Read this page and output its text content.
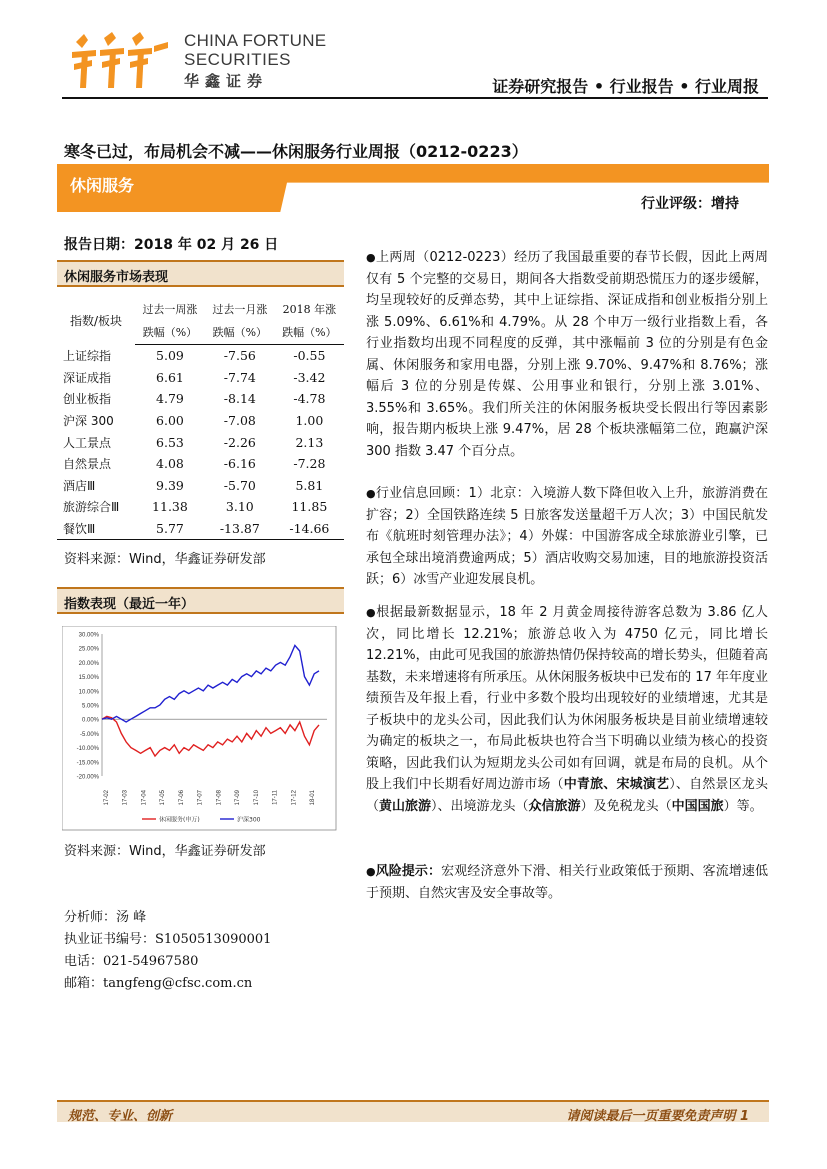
CHINA FORTUNE
SECURITIES
华鑫证券	证券研究报告 • 行业报告 • 行业周报
寒冬已过，布局机会不减——休闲服务行业周报（0212-0223）
休闲服务
行业评级：增持
报告日期：2018 年 02 月 26 日
休闲服务市场表现
指数/板块	过去一周涨	过去一月涨	2018 年涨
	跌幅（%）	跌幅（%）	跌幅（%）
上证综指	5.09	-7.56	-0.55
深证成指	6.61	-7.74	-3.42
创业板指	4.79	-8.14	-4.78
沪深 300	6.00	-7.08	1.00
人工景点	6.53	-2.26	2.13
自然景点	4.08	-6.16	-7.28
酒店Ⅲ	9.39	-5.70	5.81
旅游综合Ⅲ	11.38	3.10	11.85
餐饮Ⅲ	5.77	-13.87	-14.66
资料来源：Wind，华鑫证券研发部
指数表现（最近一年）
30.00%
25.00%
20.00%
15.00%
10.00%
5.00%
0.00%
-5.00%
-10.00%
-15.00%
-20.00%
17-02 17-03 17-04 17-05 17-06 17-07 17-08 17-09 17-10 17-11 17-12 18-01
休闲服务(申万)	沪深300
资料来源：Wind，华鑫证券研发部
分析师：汤 峰
执业证书编号：S1050513090001
电话：021-54967580
邮箱：tangfeng@cfsc.com.cn

●上两周（0212-0223）经历了我国最重要的春节长假，因此上两周仅有 5 个完整的交易日，期间各大指数受前期恐慌压力的逐步缓解，均呈现较好的反弹态势，其中上证综指、深证成指和创业板指分别上涨 5.09%、6.61%和 4.79%。从 28 个申万一级行业指数上看，各行业指数均出现不同程度的反弹，其中涨幅前 3 位的分别是有色金属、休闲服务和家用电器，分别上涨 9.70%、9.47%和 8.76%；涨幅后 3 位的分别是传媒、公用事业和银行，分别上涨 3.01%、3.55%和 3.65%。我们所关注的休闲服务板块受长假出行等因素影响，报告期内板块上涨 9.47%，居 28 个板块涨幅第二位，跑赢沪深 300 指数 3.47 个百分点。

●行业信息回顾：1）北京：入境游人数下降但收入上升，旅游消费在扩容；2）全国铁路连续 5 日旅客发送量超千万人次；3）中国民航发布《航班时刻管理办法》；4）外媒：中国游客成全球旅游业引擎，已承包全球出境消费逾两成；5）酒店收购交易加速，目的地旅游投资活跃；6）冰雪产业迎发展良机。

●根据最新数据显示，18 年 2 月黄金周接待游客总数为 3.86 亿人次，同比增长 12.21%；旅游总收入为 4750 亿元，同比增长 12.21%，由此可见我国的旅游热情仍保持较高的增长势头，但随着高基数，未来增速将有所承压。从休闲服务板块中已发布的 17 年年度业绩预告及年报上看，行业中多数个股均出现较好的业绩增速，尤其是子板块中的龙头公司，因此我们认为休闲服务板块是目前业绩增速较为确定的板块之一，布局此板块也符合当下明确以业绩为核心的投资策略，因此我们认为短期龙头公司如有回调，就是布局的良机。从个股上我们中长期看好周边游市场（中青旅、宋城演艺）、自然景区龙头（黄山旅游）、出境游龙头（众信旅游）及免税龙头（中国国旅）等。

●风险提示：宏观经济意外下滑、相关行业政策低于预期、客流增速低于预期、自然灾害及安全事故等。

规范、专业、创新	请阅读最后一页重要免责声明 1
